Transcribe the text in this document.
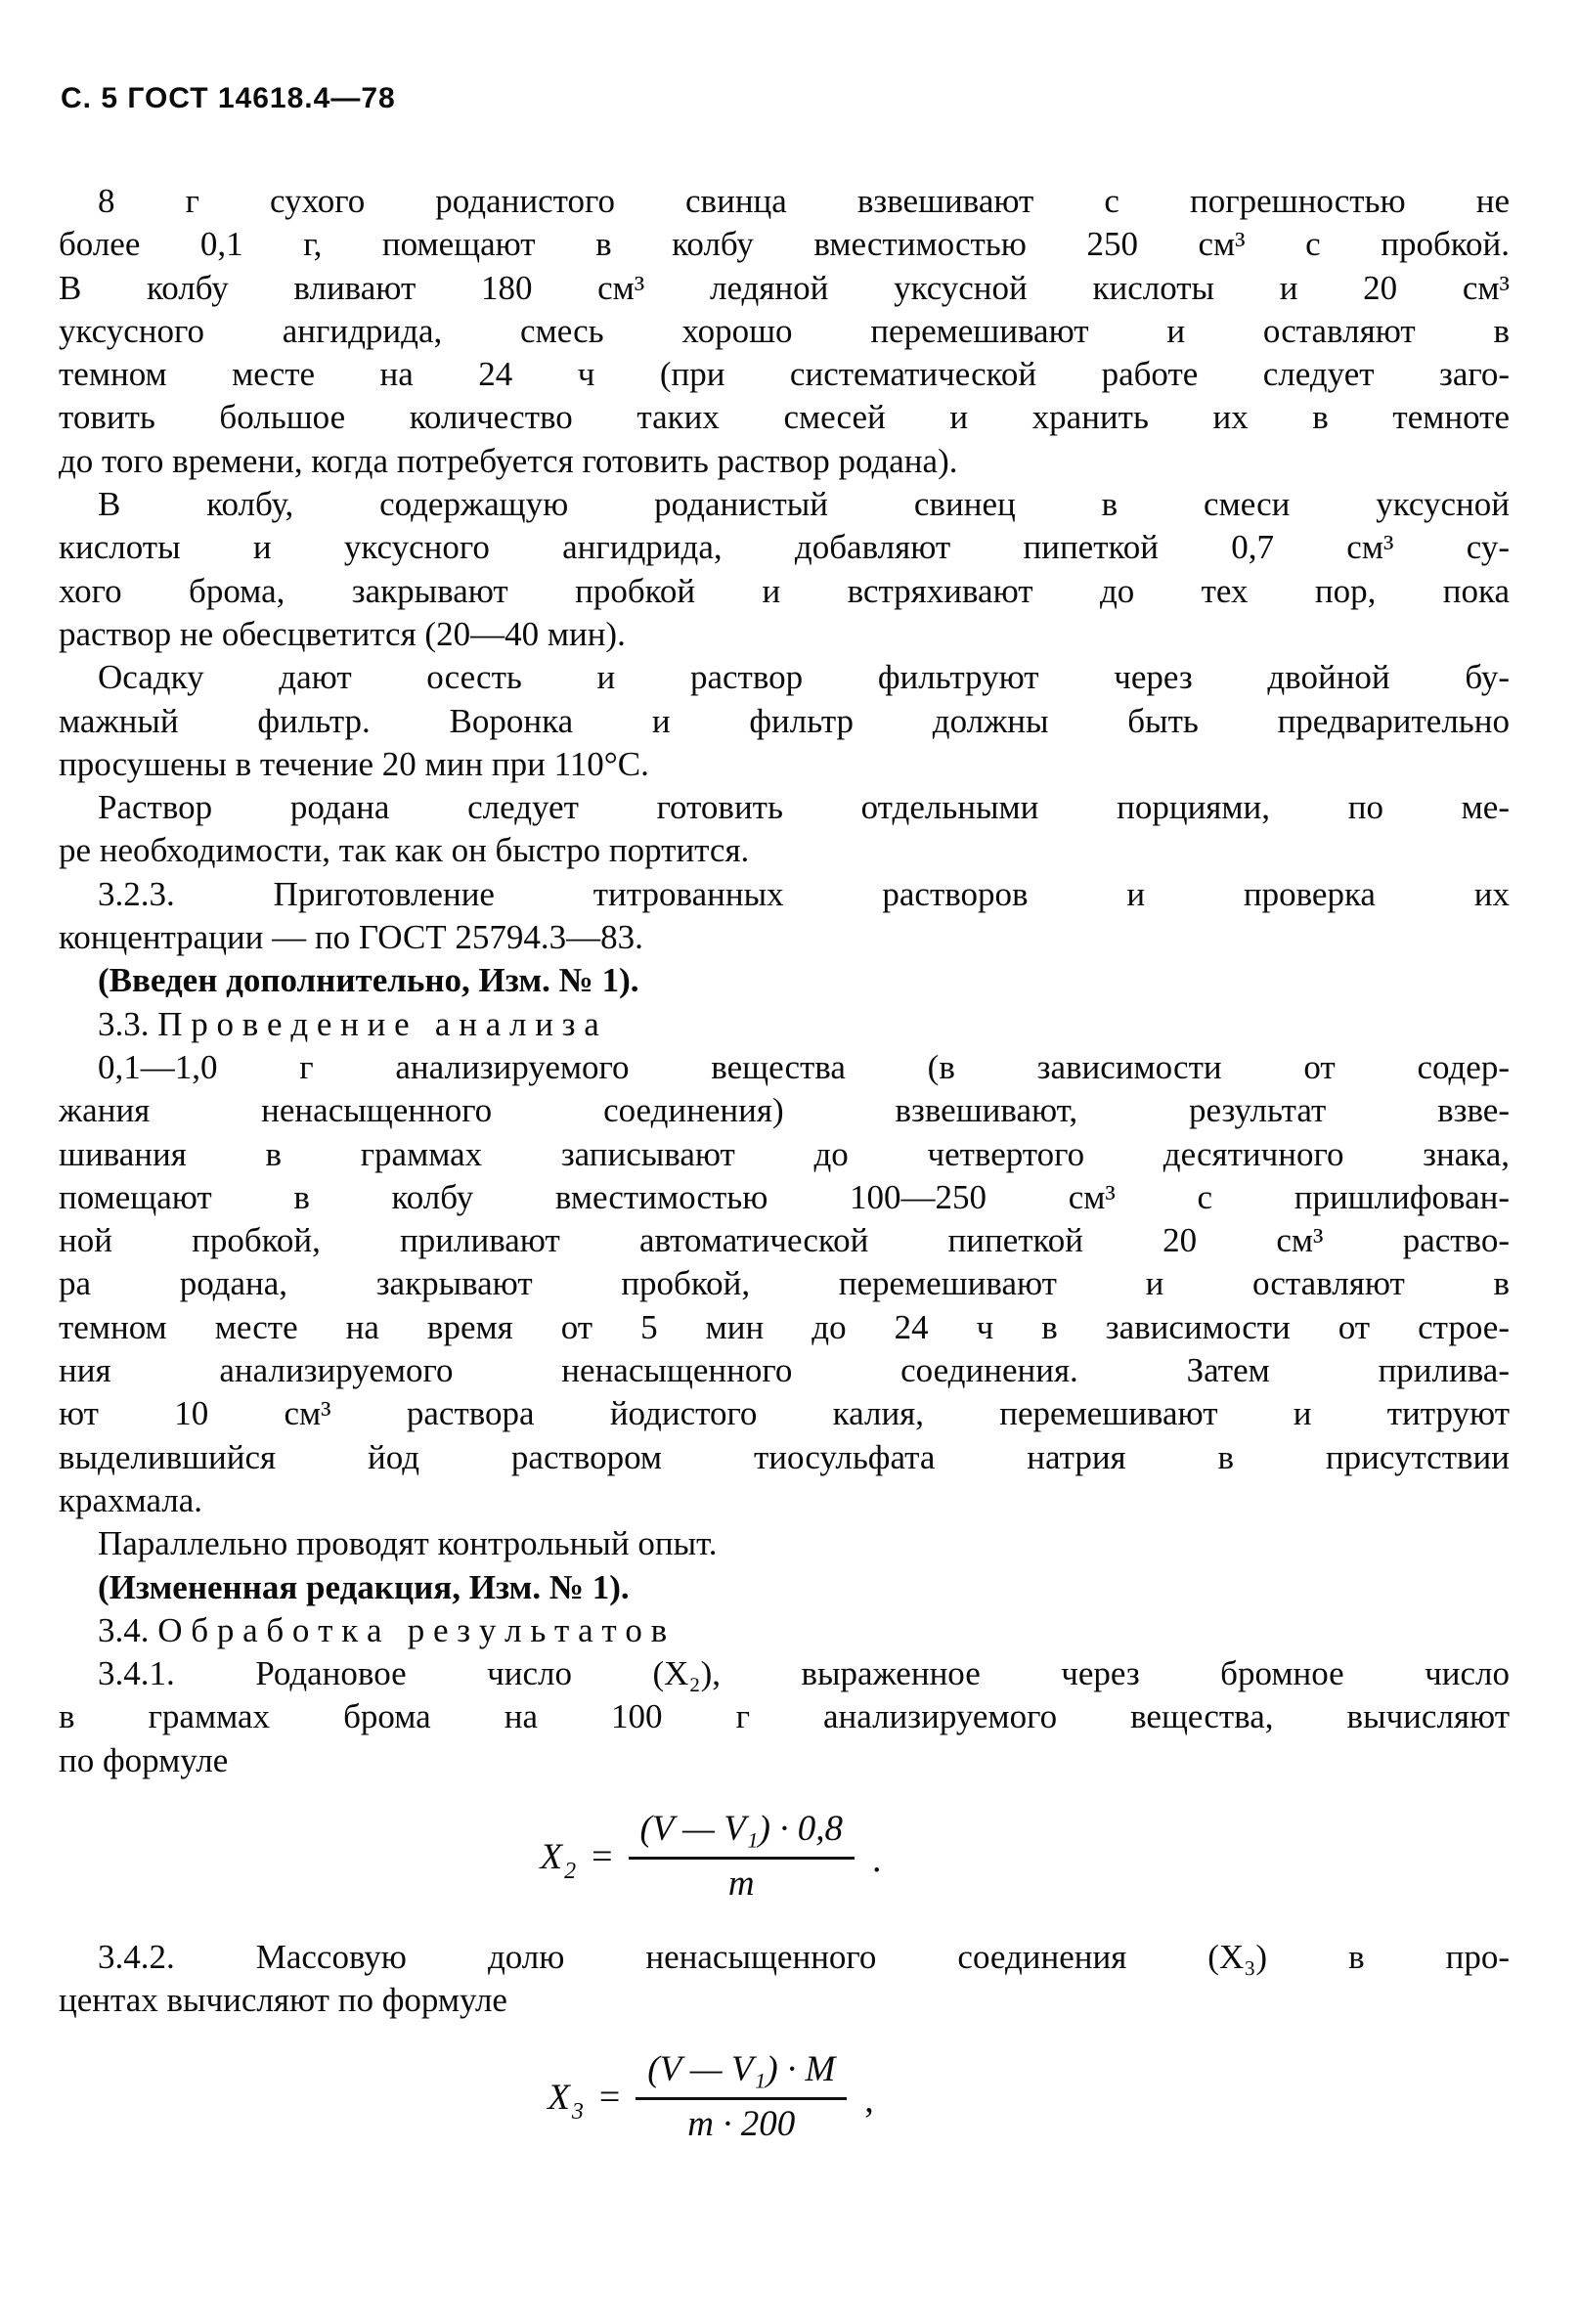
С. 5 ГОСТ 14618.4—78
8 г сухого роданистого свинца взвешивают с погрешностью не
более 0,1 г, помещают в колбу вместимостью 250 см³ с пробкой.
В колбу вливают 180 см³ ледяной уксусной кислоты и 20 см³
уксусного ангидрида, смесь хорошо перемешивают и оставляют в
темном месте на 24 ч (при систематической работе следует заго-
товить большое количество таких смесей и хранить их в темноте
до того времени, когда потребуется готовить раствор родана).
В колбу, содержащую роданистый свинец в смеси уксусной
кислоты и уксусного ангидрида, добавляют пипеткой 0,7 см³ су-
хого брома, закрывают пробкой и встряхивают до тех пор, пока
раствор не обесцветится (20—40 мин).
Осадку дают осесть и раствор фильтруют через двойной бу-
мажный фильтр. Воронка и фильтр должны быть предварительно
просушены в течение 20 мин при 110°С.
Раствор родана следует готовить отдельными порциями, по ме-
ре необходимости, так как он быстро портится.
3.2.3. Приготовление титрованных растворов и проверка их
концентрации — по ГОСТ 25794.3—83.
(Введен дополнительно, Изм. № 1).
3.3. П р о в е д е н и е   а н а л и з а
0,1—1,0 г анализируемого вещества (в зависимости от содер-
жания ненасыщенного соединения) взвешивают, результат взве-
шивания в граммах записывают до четвертого десятичного знака,
помещают в колбу вместимостью 100—250 см³ с пришлифован-
ной пробкой, приливают автоматической пипеткой 20 см³ раство-
ра родана, закрывают пробкой, перемешивают и оставляют в
темном месте на время от 5 мин до 24 ч в зависимости от строе-
ния анализируемого ненасыщенного соединения. Затем прилива-
ют 10 см³ раствора йодистого калия, перемешивают и титруют
выделившийся йод раствором тиосульфата натрия в присутствии
крахмала.
Параллельно проводят контрольный опыт.
(Измененная редакция, Изм. № 1).
3.4. О б р а б о т к а   р е з у л ь т а т о в
3.4.1. Родановое число (X₂), выраженное через бромное число
в граммах брома на 100 г анализируемого вещества, вычисляют
по формуле
$X_2 = \frac{\text{(V — V₁) · 0,8}}{m}$ .
3.4.2. Массовую долю ненасыщенного соединения (X₃) в про-
центах вычисляют по формуле
$X_3 = \frac{\text{(V — V₁) · M}}{m \cdot 200}$ ,
